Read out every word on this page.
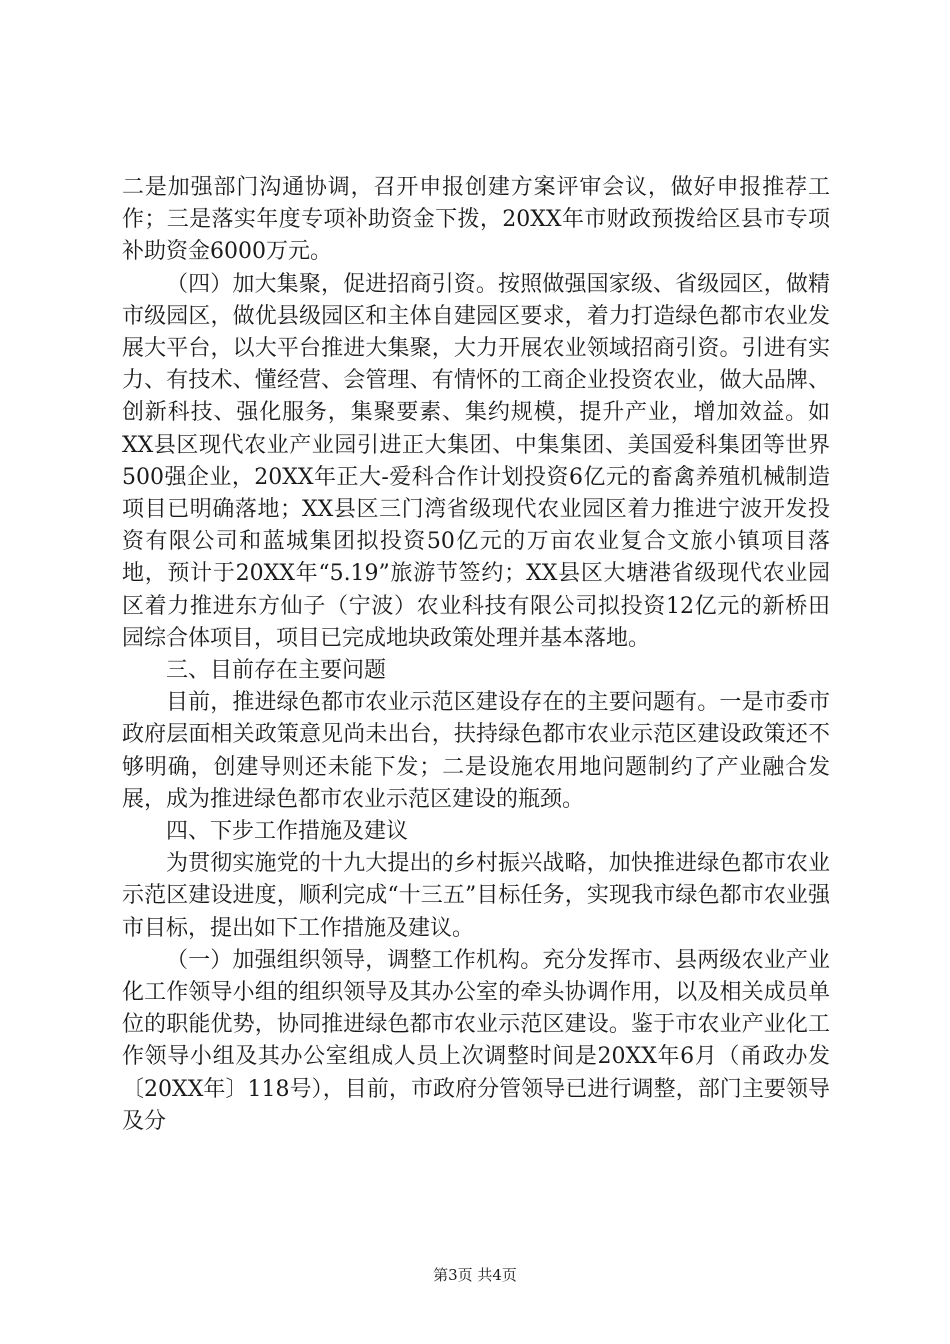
二是加强部门沟通协调，召开申报创建方案评审会议，做好申报推荐工作；三是落实年度专项补助资金下拨，20XX年市财政预拨给区县市专项补助资金6000万元。

（四）加大集聚，促进招商引资。按照做强国家级、省级园区，做精市级园区，做优县级园区和主体自建园区要求，着力打造绿色都市农业发展大平台，以大平台推进大集聚，大力开展农业领域招商引资。引进有实力、有技术、懂经营、会管理、有情怀的工商企业投资农业，做大品牌、创新科技、强化服务，集聚要素、集约规模，提升产业，增加效益。如XX县区现代农业产业园引进正大集团、中集集团、美国爱科集团等世界500强企业，20XX年正大-爱科合作计划投资6亿元的畜禽养殖机械制造项目已明确落地；XX县区三门湾省级现代农业园区着力推进宁波开发投资有限公司和蓝城集团拟投资50亿元的万亩农业复合文旅小镇项目落地，预计于20XX年“5.19”旅游节签约；XX县区大塘港省级现代农业园区着力推进东方仙子（宁波）农业科技有限公司拟投资12亿元的新桥田园综合体项目，项目已完成地块政策处理并基本落地。

三、目前存在主要问题

目前，推进绿色都市农业示范区建设存在的主要问题有。一是市委市政府层面相关政策意见尚未出台，扶持绿色都市农业示范区建设政策还不够明确，创建导则还未能下发；二是设施农用地问题制约了产业融合发展，成为推进绿色都市农业示范区建设的瓶颈。

四、下步工作措施及建议

为贯彻实施党的十九大提出的乡村振兴战略，加快推进绿色都市农业示范区建设进度，顺利完成“十三五”目标任务，实现我市绿色都市农业强市目标，提出如下工作措施及建议。

（一）加强组织领导，调整工作机构。充分发挥市、县两级农业产业化工作领导小组的组织领导及其办公室的牵头协调作用，以及相关成员单位的职能优势，协同推进绿色都市农业示范区建设。鉴于市农业产业化工作领导小组及其办公室组成人员上次调整时间是20XX年6月（甬政办发〔20XX年〕118号），目前，市政府分管领导已进行调整，部门主要领导及分

第3页 共4页
